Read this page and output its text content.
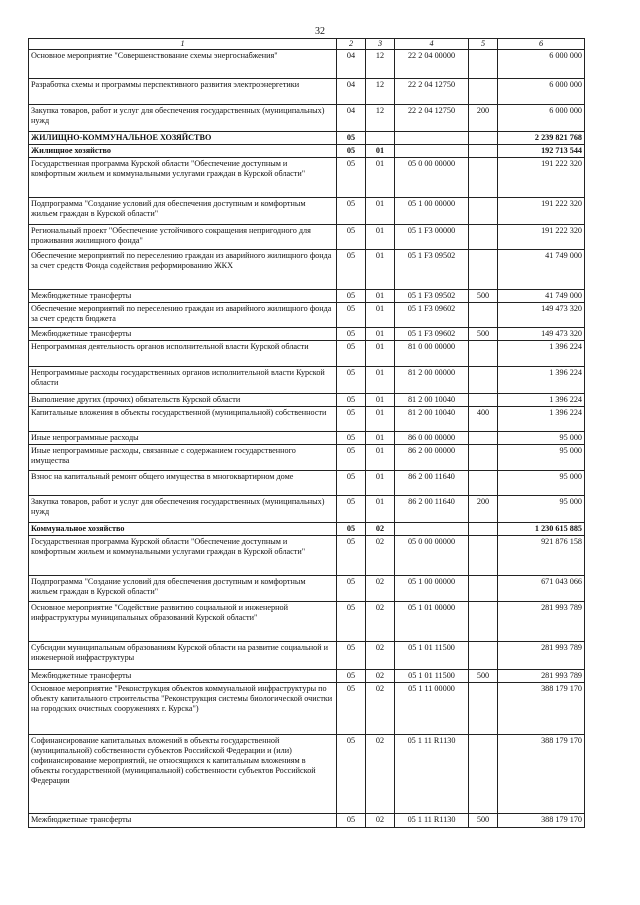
32
1	2	3	4	5	6
Основное мероприятие "Совершенствование схемы энергоснабжения"	04	12	22 2 04 00000		6 000 000
Разработка схемы и программы перспективного развития электроэнергетики	04	12	22 2 04 12750		6 000 000
Закупка товаров, работ и услуг для обеспечения государственных (муниципальных) нужд	04	12	22 2 04 12750	200	6 000 000
ЖИЛИЩНО-КОММУНАЛЬНОЕ ХОЗЯЙСТВО	05				2 239 821 768
Жилищное хозяйство	05	01			192 713 544
Государственная программа Курской области "Обеспечение доступным и комфортным жильем и коммунальными услугами граждан в Курской области"	05	01	05 0 00 00000		191 222 320
Подпрограмма "Создание условий для обеспечения доступным и комфортным жильем граждан в Курской области"	05	01	05 1 00 00000		191 222 320
Региональный проект "Обеспечение устойчивого сокращения непригодного для проживания жилищного фонда"	05	01	05 1 F3 00000		191 222 320
Обеспечение мероприятий по переселению граждан из аварийного жилищного фонда за счет средств Фонда содействия реформированию ЖКХ	05	01	05 1 F3 09502		41 749 000
Межбюджетные трансферты	05	01	05 1 F3 09502	500	41 749 000
Обеспечение мероприятий по переселению граждан из аварийного жилищного фонда за счет средств бюджета	05	01	05 1 F3 09602		149 473 320
Межбюджетные трансферты	05	01	05 1 F3 09602	500	149 473 320
Непрограммная деятельность органов исполнительной власти Курской области	05	01	81 0 00 00000		1 396 224
Непрограммные расходы государственных органов исполнительной власти Курской области	05	01	81 2 00 00000		1 396 224
Выполнение других (прочих) обязательств Курской области	05	01	81 2 00 10040		1 396 224
Капитальные вложения в объекты государственной (муниципальной) собственности	05	01	81 2 00 10040	400	1 396 224
Иные непрограммные расходы	05	01	86 0 00 00000		95 000
Иные непрограммные расходы, связанные с содержанием государственного имущества	05	01	86 2 00 00000		95 000
Взнос на капитальный ремонт общего имущества в многоквартирном доме	05	01	86 2 00 11640		95 000
Закупка товаров, работ и услуг для обеспечения государственных (муниципальных) нужд	05	01	86 2 00 11640	200	95 000
Коммунальное хозяйство	05	02			1 230 615 885
Государственная программа Курской области "Обеспечение доступным и комфортным жильем и коммунальными услугами граждан в Курской области"	05	02	05 0 00 00000		921 876 158
Подпрограмма "Создание условий для обеспечения доступным и комфортным жильем граждан в Курской области"	05	02	05 1 00 00000		671 043 066
Основное мероприятие "Содействие развитию социальной и инженерной инфраструктуры муниципальных образований Курской области"	05	02	05 1 01 00000		281 993 789
Субсидии муниципальным образованиям Курской области на развитие социальной и инженерной инфраструктуры	05	02	05 1 01 11500		281 993 789
Межбюджетные трансферты	05	02	05 1 01 11500	500	281 993 789
Основное мероприятие "Реконструкция объектов коммунальной инфраструктуры по объекту капитального строительства "Реконструкция системы биологической очистки на городских очистных сооружениях г. Курска")	05	02	05 1 11 00000		388 179 170
Софинансирование капитальных вложений в объекты государственной (муниципальной) собственности субъектов Российской Федерации и (или) софинансирование мероприятий, не относящихся к капитальным вложениям в объекты государственной (муниципальной) собственности субъектов Российской Федерации	05	02	05 1 11 R1130		388 179 170
Межбюджетные трансферты	05	02	05 1 11 R1130	500	388 179 170
